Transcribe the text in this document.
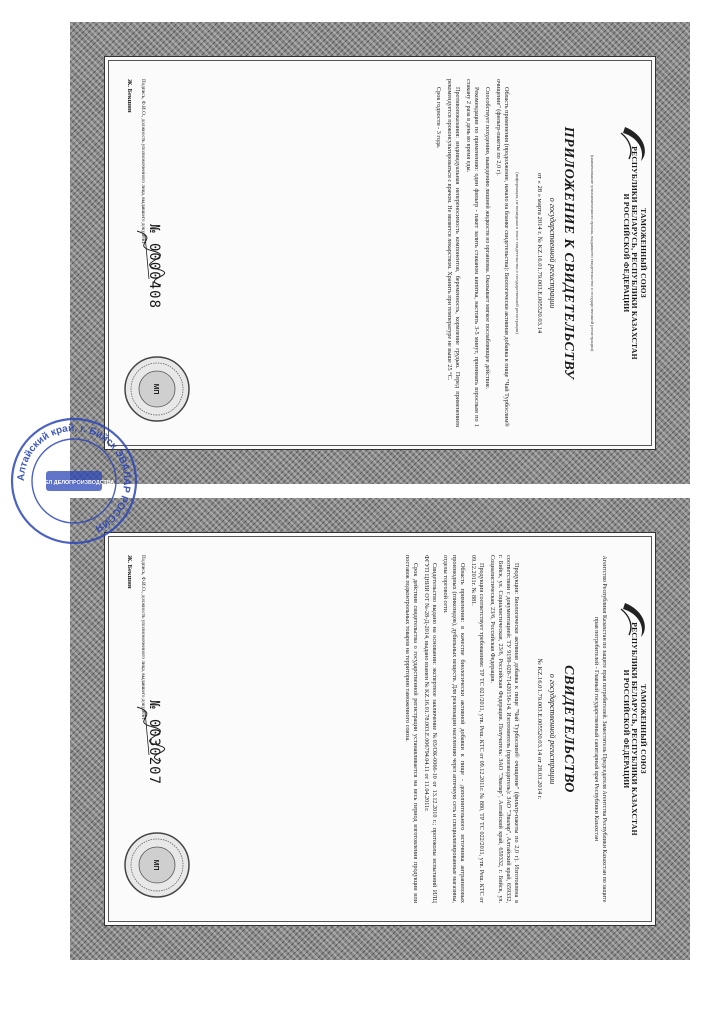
ТАМОЖЕННЫЙ СОЮЗ
РЕСПУБЛИКИ БЕЛАРУСЬ, РЕСПУБЛИКИ КАЗАХСТАН
И РОССИЙСКОЙ ФЕДЕРАЦИИ
(наименование уполномоченного органа, выдавшего свидетельство о государственной регистрации)
ПРИЛОЖЕНИЕ К СВИДЕТЕЛЬСТВУ
о государственной регистрации
от « 28 » марта 2014 г. № KZ.16.01.79.003.Е.005520.03.14
(информация, не вошедшая в текст свидетельства о государственной регистрации)

Область применения (продолжение, начало на бланке свидетельства): Биологически активная добавка к пище "Чай Турбослим® очищение" (фильтр-пакеты по 2,0 г).

Способствует похудению, выведению лишней жидкости из организма. Оказывает мягкое послабляющее действие.

Рекомендации по применению: один фильтр - пакет залить стаканом кипятка, настоять 3-5 минут, принимать взрослым по 1 стакану 2 раза в день во время еды.

Противопоказания: индивидуальная непереносимость компонентов, беременность, кормление грудью. Перед применением рекомендуется проконсультироваться с врачом. Не является лекарством. Хранить при температуре не выше 25 °С.

Срок годности - 3 года.

Подпись, Ф.И.О., должность уполномоченного лица, выдавшего документ
Ж. Бекшин
№ 0000408
МП
ТАМОЖЕННЫЙ СОЮЗ
РЕСПУБЛИКИ БЕЛАРУСЬ, РЕСПУБЛИКИ КАЗАХСТАН
И РОССИЙСКОЙ ФЕДЕРАЦИИ
Агентство Республики Казахстан по защите прав потребителей. Заместитель Председателя Агентства Республики Казахстан по защите прав потребителей - Главный государственный санитарный врач Республики Казахстан
СВИДЕТЕЛЬСТВО
о государственной регистрации
№ KZ.16.01.79.003.Е.005520.03.14 от 28.03.2014 г.

Продукция: Биологически активная добавка к пище "Чай Турбослим® очищение" (фильтр-пакеты по 2,0 г). Изготовлена в соответствии с документацией: ТУ 9199-028-71420156-14. Изготовитель (производитель): ЗАО "Эвалар", Алтайский край, 659332, г. Бийск, ул. Социалистическая, 23/6, Российская Федерация. Получатель: ЗАО "Эвалар", Алтайский край, 659332, г. Бийск, ул. Социалистическая, 23/6, Российская Федерация.

Продукция соответствует требованиям: ТР ТС 021/2011, утв. Реш. КТС от 09.12.2011г. № 880, ТР ТС 022/2011, утв. Реш. КТС от 09.12.2011г. № 881.

Область применения: в качестве биологически активной добавки к пище - дополнительного источника антраниловых производных (гликозидов), дубильных веществ. Для реализации населению через аптечную сеть и специализированные магазины, отделы торговой сети.

Свидетельство выдано на основании: экспертное заключение №03/ОК-0066-10 от 13.12.2010 г.; протоколы испытаний ИЛЦ ФГУП ЦНИИ ОТ №-28-Д-2014, выдано взамен № KZ.16.01.78.003.Е.006794.04.11 от 11.04.2011г.

Срок действия свидетельства о государственной регистрации устанавливается на весь период изготовления продукции или поставок подконтрольных товаров на территорию таможенного союза.

Подпись, Ф.И.О., должность уполномоченного лица, выдавшего документ
Ж. Бекшин
№ 0030207
МП
Алтайский край, г. Бийск ЭВАЛАР РОССИЯ
ОТДЕЛ ДЕЛОПРОИЗВОДСТВА
